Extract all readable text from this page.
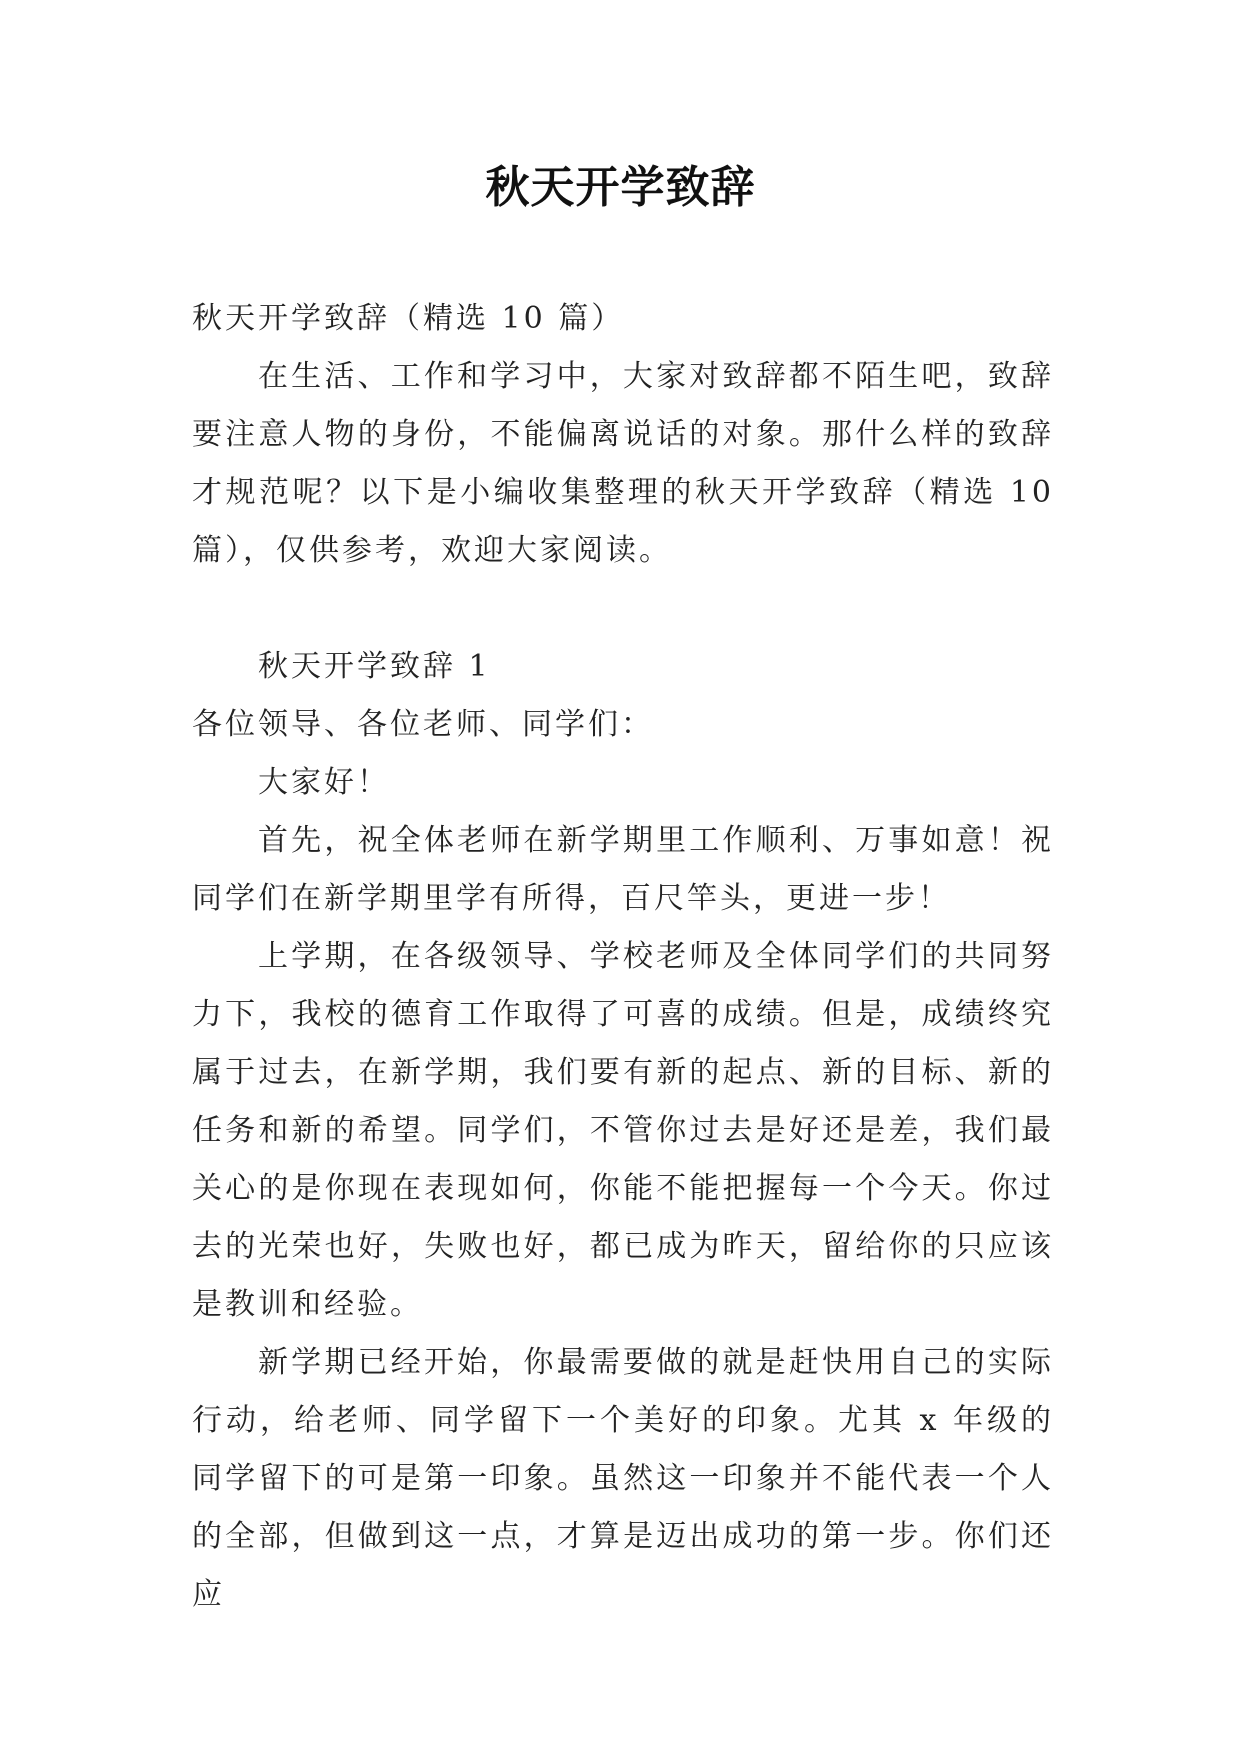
秋天开学致辞

秋天开学致辞（精选 10 篇）

在生活、工作和学习中，大家对致辞都不陌生吧，致辞要注意人物的身份，不能偏离说话的对象。那什么样的致辞才规范呢？以下是小编收集整理的秋天开学致辞（精选 10 篇），仅供参考，欢迎大家阅读。

秋天开学致辞 1

各位领导、各位老师、同学们：

大家好！

首先，祝全体老师在新学期里工作顺利、万事如意！祝同学们在新学期里学有所得，百尺竿头，更进一步！

上学期，在各级领导、学校老师及全体同学们的共同努力下，我校的德育工作取得了可喜的成绩。但是，成绩终究属于过去，在新学期，我们要有新的起点、新的目标、新的任务和新的希望。同学们，不管你过去是好还是差，我们最关心的是你现在表现如何，你能不能把握每一个今天。你过去的光荣也好，失败也好，都已成为昨天，留给你的只应该是教训和经验。

新学期已经开始，你最需要做的就是赶快用自己的实际行动，给老师、同学留下一个美好的印象。尤其 x 年级的同学留下的可是第一印象。虽然这一印象并不能代表一个人的全部，但做到这一点，才算是迈出成功的第一步。你们还应
